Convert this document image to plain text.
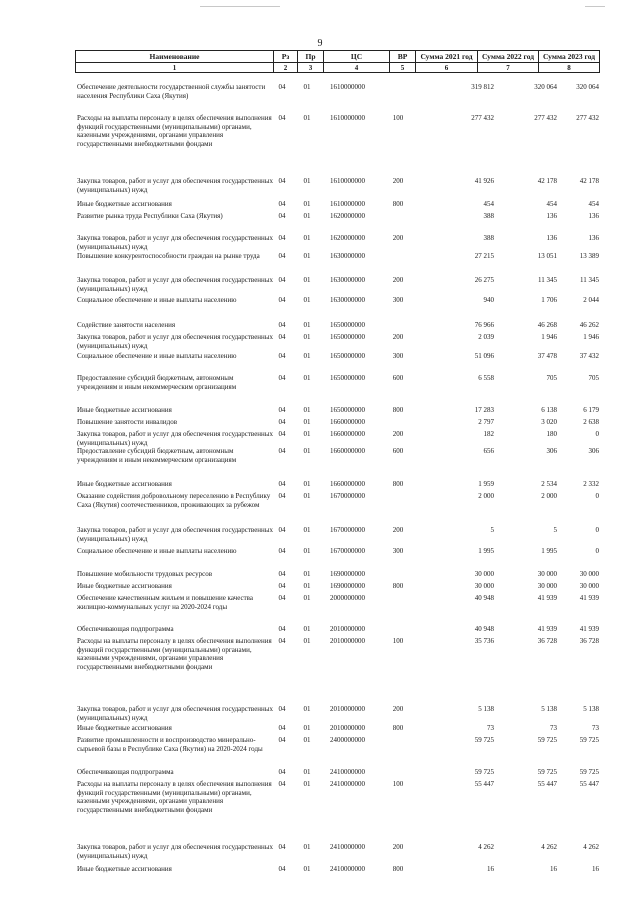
9
Наименование	Рз	Пр	ЦС	ВР	Сумма 2021 год	Сумма 2022 год	Сумма 2023 год
1	2	3	4	5	6	7	8
Обеспечение деятельности государственной службы занятости населения Республики Саха (Якутия)
04	01	1610000000	319 812	320 064	320 064
Расходы на выплаты персоналу в целях обеспечения выполнения функций государственными (муниципальными) органами, казенными учреждениями, органами управления государственными внебюджетными фондами
04	01	1610000000	100	277 432	277 432	277 432
Закупка товаров, работ и услуг для обеспечения государственных (муниципальных) нужд
04	01	1610000000	200	41 926	42 178	42 178
Иные бюджетные ассигнования	04	01	1610000000	800	454	454	454
Развитие рынка труда Республики Саха (Якутия)	04	01	1620000000	388	136	136
Закупка товаров, работ и услуг для обеспечения государственных (муниципальных) нужд
04	01	1620000000	200	388	136	136
Повышение конкурентоспособности граждан на рынке труда	04	01	1630000000	27 215	13 051	13 389
Закупка товаров, работ и услуг для обеспечения государственных (муниципальных) нужд
04	01	1630000000	200	26 275	11 345	11 345
Социальное обеспечение и иные выплаты населению	04	01	1630000000	300	940	1 706	2 044
Содействие занятости населения	04	01	1650000000	76 966	46 268	46 262
Закупка товаров, работ и услуг для обеспечения государственных (муниципальных) нужд
04	01	1650000000	200	2 039	1 946	1 946
Социальное обеспечение и иные выплаты населению	04	01	1650000000	300	51 096	37 478	37 432
Предоставление субсидий бюджетным, автономным учреждениям и иным некоммерческим организациям
04	01	1650000000	600	6 558	705	705
Иные бюджетные ассигнования	04	01	1650000000	800	17 283	6 138	6 179
Повышение занятости инвалидов	04	01	1660000000	2 797	3 020	2 638
Закупка товаров, работ и услуг для обеспечения государственных (муниципальных) нужд
04	01	1660000000	200	182	180	0
Предоставление субсидий бюджетным, автономным учреждениям и иным некоммерческим организациям
04	01	1660000000	600	656	306	306
Иные бюджетные ассигнования	04	01	1660000000	800	1 959	2 534	2 332
Оказание содействия добровольному переселению в Республику Саха (Якутия) соотечественников, проживающих за рубежом
04	01	1670000000	2 000	2 000	0
Закупка товаров, работ и услуг для обеспечения государственных (муниципальных) нужд
04	01	1670000000	200	5	5	0
Социальное обеспечение и иные выплаты населению	04	01	1670000000	300	1 995	1 995	0
Повышение мобильности трудовых ресурсов	04	01	1690000000	30 000	30 000	30 000
Иные бюджетные ассигнования	04	01	1690000000	800	30 000	30 000	30 000
Обеспечение качественным жильем и повышение качества жилищно-коммунальных услуг на 2020-2024 годы
04	01	2000000000	40 948	41 939	41 939
Обеспечивающая подпрограмма	04	01	2010000000	40 948	41 939	41 939
Расходы на выплаты персоналу в целях обеспечения выполнения функций государственными (муниципальными) органами, казенными учреждениями, органами управления государственными внебюджетными фондами
04	01	2010000000	100	35 736	36 728	36 728
Закупка товаров, работ и услуг для обеспечения государственных (муниципальных) нужд
04	01	2010000000	200	5 138	5 138	5 138
Иные бюджетные ассигнования	04	01	2010000000	800	73	73	73
Развитие промышленности и воспроизводство минерально-сырьевой базы в Республике Саха (Якутия) на 2020-2024 годы
04	01	2400000000	59 725	59 725	59 725
Обеспечивающая подпрограмма	04	01	2410000000	59 725	59 725	59 725
Расходы на выплаты персоналу в целях обеспечения выполнения функций государственными (муниципальными) органами, казенными учреждениями, органами управления государственными внебюджетными фондами
04	01	2410000000	100	55 447	55 447	55 447
Закупка товаров, работ и услуг для обеспечения государственных (муниципальных) нужд
04	01	2410000000	200	4 262	4 262	4 262
Иные бюджетные ассигнования	04	01	2410000000	800	16	16	16
